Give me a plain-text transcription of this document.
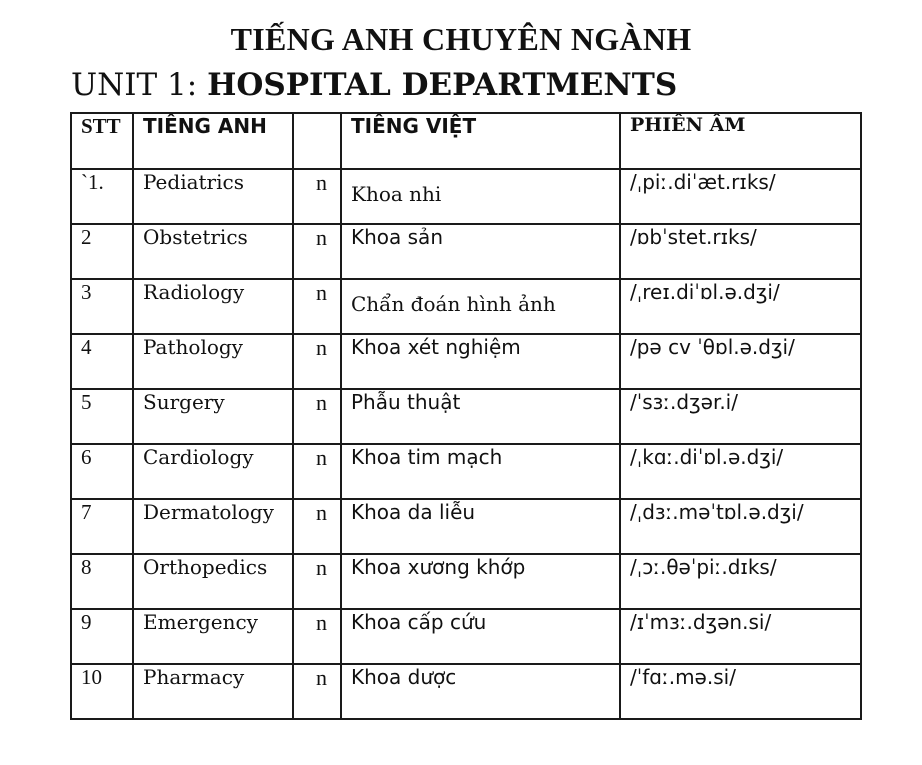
TIẾNG ANH CHUYÊN NGÀNH
UNIT 1: HOSPITAL DEPARTMENTS
STT	TIẾNG ANH		TIẾNG VIỆT	PHIÊN ÂM
`1.	Pediatrics	n	Khoa nhi	/ˌpiː.diˈæt.rɪks/
2	Obstetrics	n	Khoa sản	/ɒbˈstet.rɪks/
3	Radiology	n	Chẩn đoán hình ảnh	/ˌreɪ.diˈɒl.ə.dʒi/
4	Pathology	n	Khoa xét nghiệm	/pə cv ˈθɒl.ə.dʒi/
5	Surgery	n	Phẫu thuật	/ˈsɜː.dʒər.i/
6	Cardiology	n	Khoa tim mạch	/ˌkɑː.diˈɒl.ə.dʒi/
7	Dermatology	n	Khoa da liễu	/ˌdɜː.məˈtɒl.ə.dʒi/
8	Orthopedics	n	Khoa xương khớp	/ˌɔː.θəˈpiː.dɪks/
9	Emergency	n	Khoa cấp cứu	/ɪˈmɜː.dʒən.si/
10	Pharmacy	n	Khoa dược	/ˈfɑː.mə.si/
